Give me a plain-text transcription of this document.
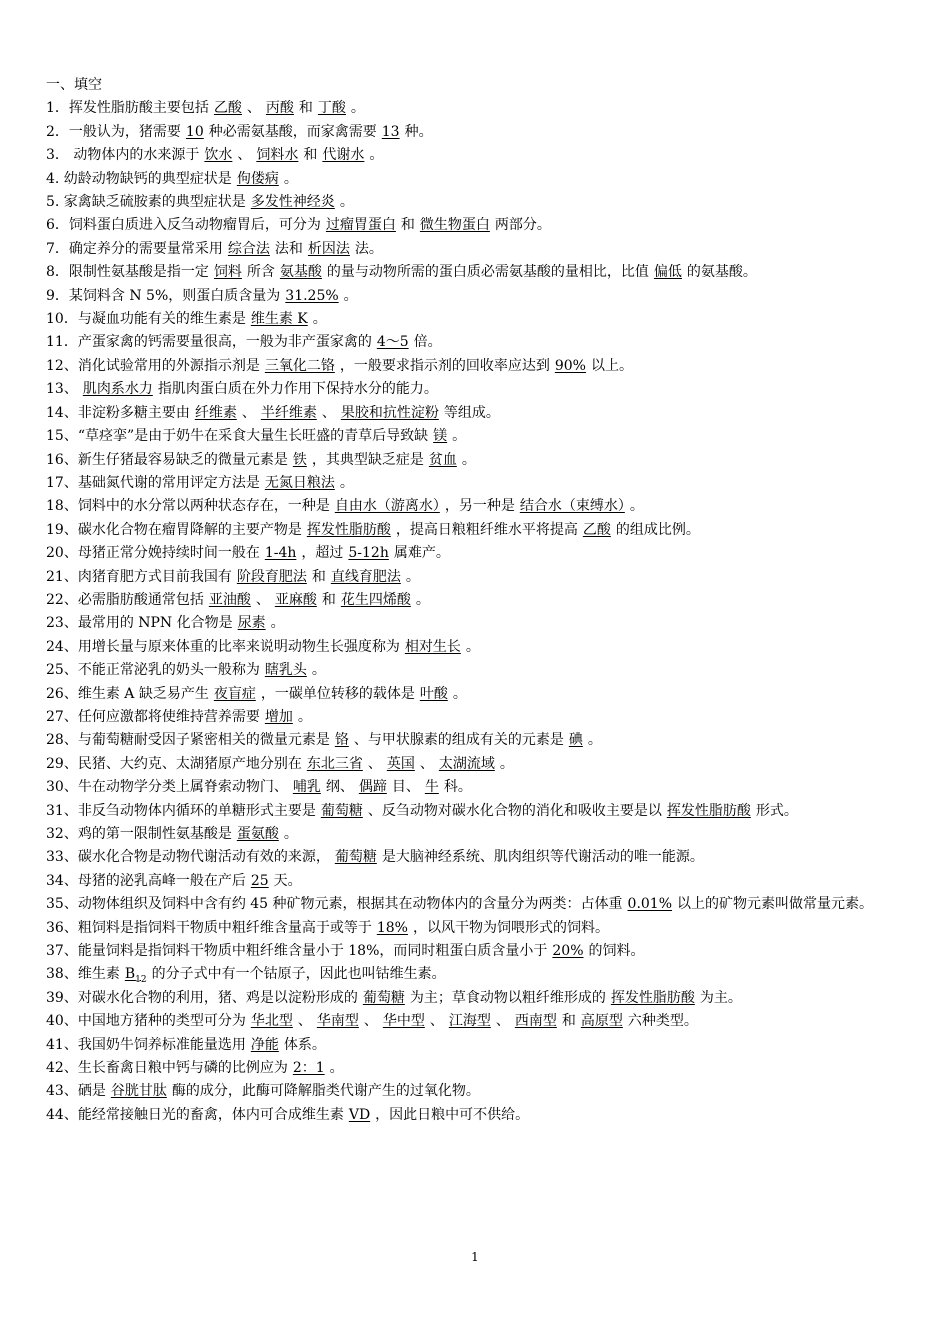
一、填空

1．挥发性脂肪酸主要包括 乙酸 、 丙酸 和 丁酸 。

2．一般认为，猪需要 10 种必需氨基酸，而家禽需要 13 种。

3． 动物体内的水来源于 饮水 、 饲料水 和 代谢水 。

4. 幼龄动物缺钙的典型症状是 佝偻病 。

5. 家禽缺乏硫胺素的典型症状是 多发性神经炎 。

6．饲料蛋白质进入反刍动物瘤胃后，可分为 过瘤胃蛋白 和 微生物蛋白 两部分。

7．确定养分的需要量常采用 综合法 法和 析因法 法。

8．限制性氨基酸是指一定 饲料 所含 氨基酸 的量与动物所需的蛋白质必需氨基酸的量相比，比值 偏低 的氨基酸。

9．某饲料含 N 5%，则蛋白质含量为 31.25% 。

10．与凝血功能有关的维生素是 维生素 K 。

11．产蛋家禽的钙需要量很高，一般为非产蛋家禽的 4～5 倍。

12、消化试验常用的外源指示剂是 三氧化二铬 ，一般要求指示剂的回收率应达到 90% 以上。

13、 肌肉系水力 指肌肉蛋白质在外力作用下保持水分的能力。

14、非淀粉多糖主要由 纤维素 、 半纤维素 、 果胶和抗性淀粉 等组成。

15、“草痉挛”是由于奶牛在采食大量生长旺盛的青草后导致缺 镁 。

16、新生仔猪最容易缺乏的微量元素是 铁 ，其典型缺乏症是 贫血 。

17、基础氮代谢的常用评定方法是 无氮日粮法 。

18、饲料中的水分常以两种状态存在，一种是 自由水（游离水） ，另一种是 结合水（束缚水） 。

19、碳水化合物在瘤胃降解的主要产物是 挥发性脂肪酸 ，提高日粮粗纤维水平将提高 乙酸 的组成比例。

20、母猪正常分娩持续时间一般在 1-4h ，超过 5-12h 属难产。

21、肉猪育肥方式目前我国有 阶段育肥法 和 直线育肥法 。

22、必需脂肪酸通常包括 亚油酸 、 亚麻酸 和 花生四烯酸 。

23、最常用的 NPN 化合物是 尿素 。

24、用增长量与原来体重的比率来说明动物生长强度称为 相对生长 。

25、不能正常泌乳的奶头一般称为 瞎乳头 。

26、维生素 A 缺乏易产生 夜盲症 ，一碳单位转移的载体是 叶酸 。

27、任何应激都将使维持营养需要 增加 。

28、与葡萄糖耐受因子紧密相关的微量元素是 铬 、与甲状腺素的组成有关的元素是 碘 。

29、民猪、大约克、太湖猪原产地分别在 东北三省 、 英国 、 太湖流域 。

30、牛在动物学分类上属脊索动物门、 哺乳 纲、 偶蹄 目、 牛 科。

31、非反刍动物体内循环的单糖形式主要是 葡萄糖 、反刍动物对碳水化合物的消化和吸收主要是以 挥发性脂肪酸 形式。

32、鸡的第一限制性氨基酸是 蛋氨酸 。

33、碳水化合物是动物代谢活动有效的来源， 葡萄糖 是大脑神经系统、肌肉组织等代谢活动的唯一能源。

34、母猪的泌乳高峰一般在产后 25 天。

35、动物体组织及饲料中含有约 45 种矿物元素，根据其在动物体内的含量分为两类：占体重 0.01% 以上的矿物元素叫做常量元素。

36、粗饲料是指饲料干物质中粗纤维含量高于或等于 18% ，以风干物为饲喂形式的饲料。

37、能量饲料是指饲料干物质中粗纤维含量小于 18%，而同时粗蛋白质含量小于 20% 的饲料。

38、维生素 $B_{12}$ 的分子式中有一个钴原子，因此也叫钴维生素。

39、对碳水化合物的利用，猪、鸡是以淀粉形成的 葡萄糖 为主；草食动物以粗纤维形成的 挥发性脂肪酸 为主。

40、中国地方猪种的类型可分为 华北型 、 华南型 、 华中型 、 江海型 、 西南型 和 高原型 六种类型。

41、我国奶牛饲养标准能量选用 净能 体系。

42、生长畜禽日粮中钙与磷的比例应为 2：1 。

43、硒是 谷胱甘肽 酶的成分，此酶可降解脂类代谢产生的过氧化物。

44、能经常接触日光的畜禽，体内可合成维生素 VD ，因此日粮中可不供给。

1
